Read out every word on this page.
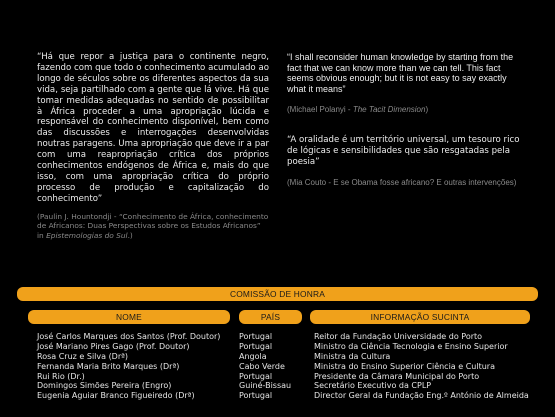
“Há que repor a justiça para o continente negro, fazendo com que todo o conhecimento acumulado ao longo de séculos sobre os diferentes aspectos da sua vida, seja partilhado com a gente que lá vive. Há que tomar medidas adequadas no sentido de possibilitar à África proceder a uma apropriação lúcida e responsável do conhecimento disponível, bem como das discussões e interrogações desenvolvidas noutras paragens. Uma apropriação que deve ir a par com uma reapropriação crítica dos próprios conhecimentos endógenos de África e, mais do que isso, com uma apropriação crítica do próprio processo de produção e capitalização do conhecimento”

(Paulin J. Hountondji - “Conhecimento de África, conhecimento de Africanos: Duas Perspectivas sobre os Estudos Africanos” in Epistemologias do Sul.)

“I shall reconsider human knowledge by starting from the fact that we can know more than we can tell. This fact seems obvious enough; but it is not easy to say exactly what it means”

(Michael Polanyi - The Tacit Dimension)

“A oralidade é um território universal, um tesouro rico de lógicas e sensibilidades que são resgatadas pela poesia”

(Mia Couto - E se Obama fosse africano? E outras intervenções)

COMISSÃO DE HONRA
NOME	PAÍS	INFORMAÇÃO SUCINTA
José Carlos Marques dos Santos (Prof. Doutor)
José Mariano Pires Gago (Prof. Doutor)
Rosa Cruz e Silva (Drª)
Fernanda Maria Brito Marques (Drª)
Rui Rio (Dr.)
Domingos Simões Pereira (Engro)
Eugenia Aguiar Branco Figueiredo (Drª)
Portugal
Portugal
Angola
Cabo Verde
Portugal
Guiné-Bissau
Portugal
Reitor da Fundação Universidade do Porto
Ministro da Ciência Tecnologia e Ensino Superior
Ministra da Cultura
Ministra do Ensino Superior Ciência e Cultura
Presidente da Câmara Municipal do Porto
Secretário Executivo da CPLP
Director Geral da Fundação Eng.º António de Almeida
